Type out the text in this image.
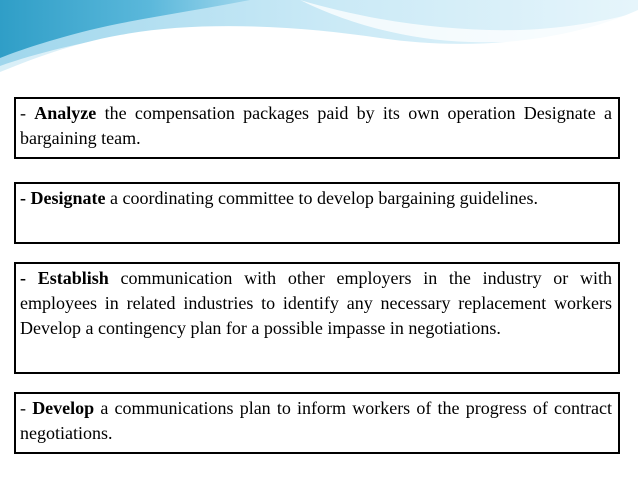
- Analyze the compensation packages paid by its own operation Designate a bargaining team.
- Designate a coordinating committee to develop bargaining guidelines.
- Establish communication with other employers in the industry or with employees in related industries to identify any necessary replacement workers Develop a contingency plan for a possible impasse in negotiations.
- Develop a communications plan to inform workers of the progress of contract negotiations.
